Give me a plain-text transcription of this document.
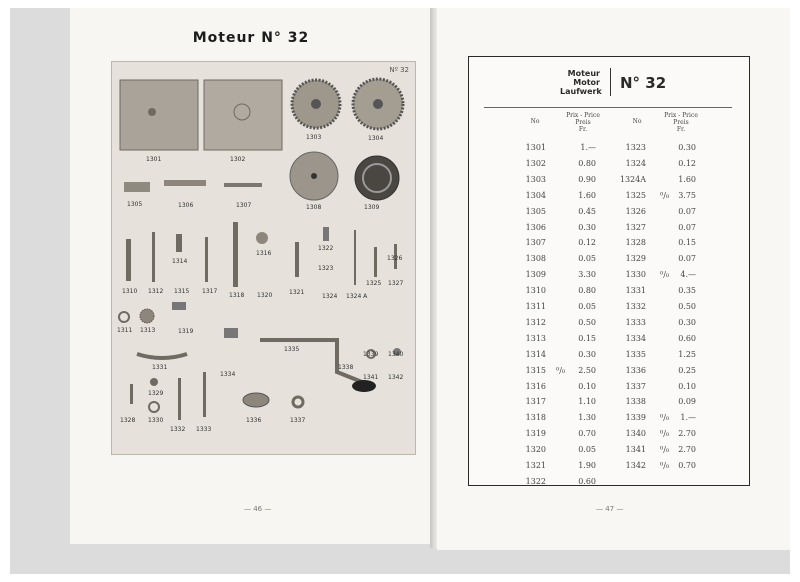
Moteur N° 32
Nº 32
1301	1302
1303	1304
1305	1306	1307	1308	1309
1310
1311
1312
1313
1314
1315
1316
1317
1318
1319
1320	1321
1322
1323
1324 1324 A
1325
1326
1327
1328
1329
1330
1331
1332 1333
1334
1335
1336	1337
1338
1339 1340
1341 1342
— 46 —
Moteur
Motor
Laufwerk N° 32
No
Prix - Price
Preis
Fr.
No
Prix - Price
Preis
Fr.
1301	1.—
1302	0.80
1303	0.90
1304	1.60
1305	0.45
1306	0.30
1307	0.12
1308	0.05
1309	3.30
1310	0.80
1311	0.05
1312	0.50
1313	0.15
1314	0.30
1315 ⁰/₀	2.50
1316	0.10
1317	1.10
1318	1.30
1319	0.70
1320	0.05
1321	1.90
1322	0.60
1323	0.30
1324	0.12
1324A	1.60
1325 ⁰/₀	3.75
1326	0.07
1327	0.07
1328	0.15
1329	0.07
1330 ⁰/₀	4.—
1331	0.35
1332	0.50
1333	0.30
1334	0.60
1335	1.25
1336	0.25
1337	0.10
1338	0.09
1339 ⁰/₀	1.—
1340 ⁰/₀	2.70
1341 ⁰/₀	2.70
1342 ⁰/₀	0.70
— 47 —
